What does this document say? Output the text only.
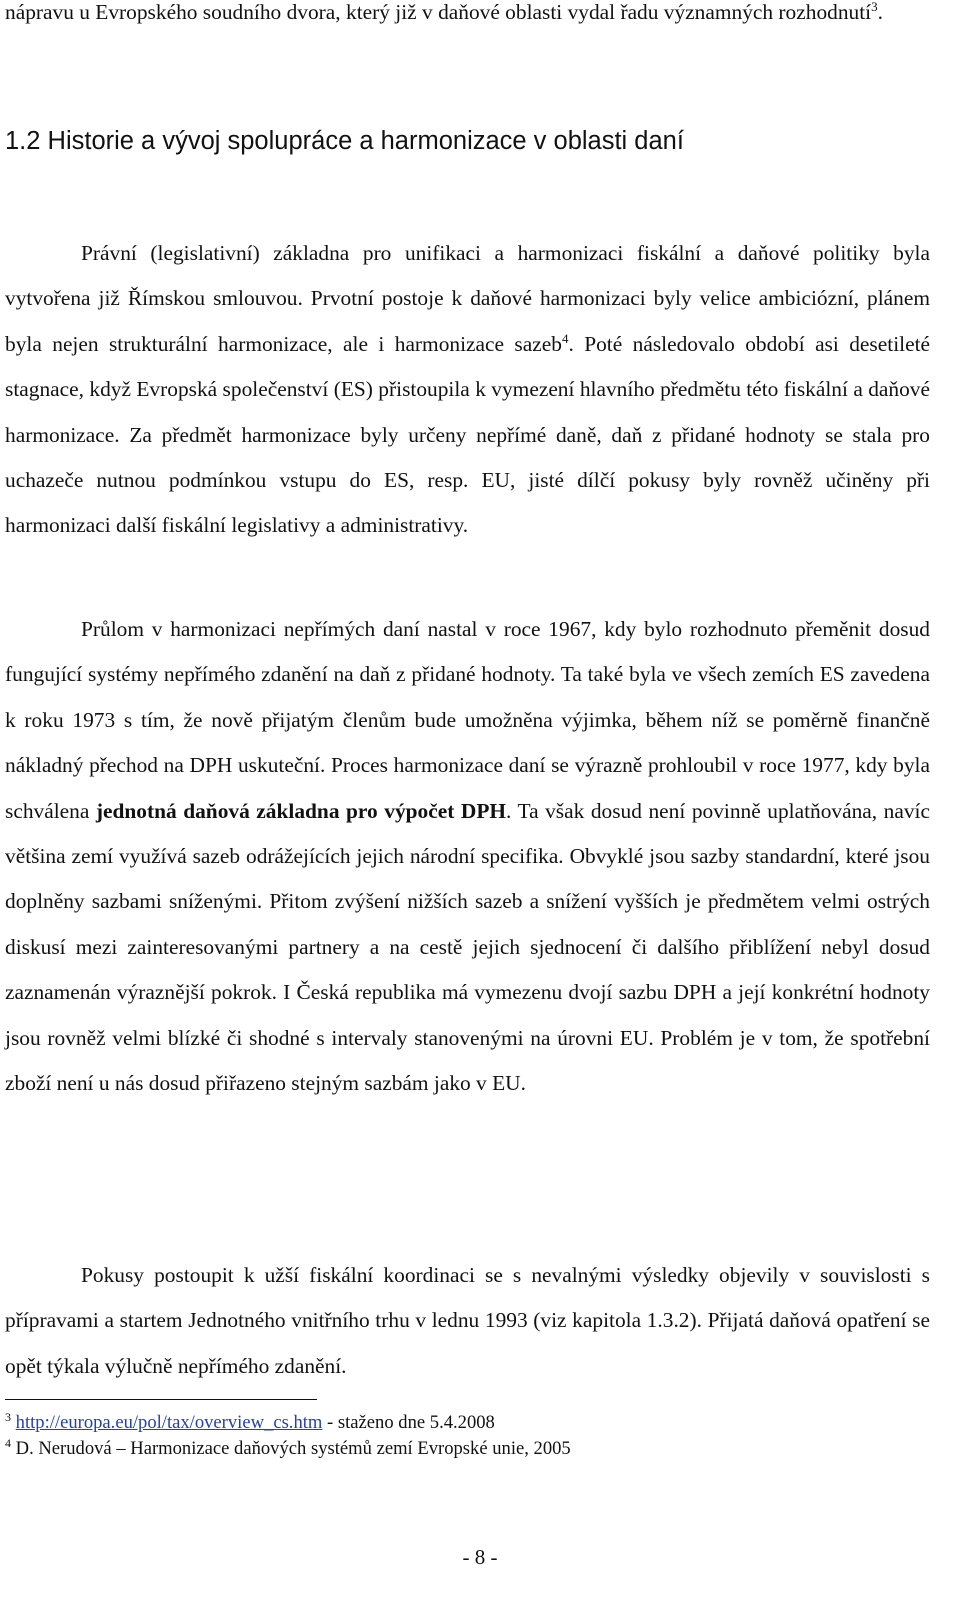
nápravu u Evropského soudního dvora, který již v daňové oblasti vydal řadu významných rozhodnutí$^3$.

Právní (legislativní) základna pro unifikaci a harmonizaci fiskální a daňové politiky byla vytvořena již Římskou smlouvou. Prvotní postoje k daňové harmonizaci byly velice ambiciózní, plánem byla nejen strukturální harmonizace, ale i harmonizace sazeb$^4$. Poté následovalo období asi desetileté stagnace, když Evropská společenství (ES) přistoupila k vymezení hlavního předmětu této fiskální a daňové harmonizace. Za předmět harmonizace byly určeny nepřímé daně, daň z přidané hodnoty se stala pro uchazeče nutnou podmínkou vstupu do ES, resp. EU, jisté dílčí pokusy byly rovněž učiněny při harmonizaci další fiskální legislativy a administrativy.

Průlom v harmonizaci nepřímých daní nastal v roce 1967, kdy bylo rozhodnuto přeměnit dosud fungující systémy nepřímého zdanění na daň z přidané hodnoty. Ta také byla ve všech zemích ES zavedena k roku 1973 s tím, že nově přijatým členům bude umožněna výjimka, během níž se poměrně finančně nákladný přechod na DPH uskuteční. Proces harmonizace daní se výrazně prohloubil v roce 1977, kdy byla schválena jednotná daňová základna pro výpočet DPH. Ta však dosud není povinně uplatňována, navíc většina zemí využívá sazeb odrážejících jejich národní specifika. Obvyklé jsou sazby standardní, které jsou doplněny sazbami sníženými. Přitom zvýšení nižších sazeb a snížení vyšších je předmětem velmi ostrých diskusí mezi zainteresovanými partnery a na cestě jejich sjednocení či dalšího přiblížení nebyl dosud zaznamenán výraznější pokrok. I Česká republika má vymezenu dvojí sazbu DPH a její konkrétní hodnoty jsou rovněž velmi blízké či shodné s intervaly stanovenými na úrovni EU. Problém je v tom, že spotřební zboží není u nás dosud přiřazeno stejným sazbám jako v EU.

Pokusy postoupit k užší fiskální koordinaci se s nevalnými výsledky objevily v souvislosti s přípravami a startem Jednotného vnitřního trhu v lednu 1993 (viz kapitola 1.3.2). Přijatá daňová opatření se opět týkala výlučně nepřímého zdanění.

1.2 Historie a vývoj spolupráce a harmonizace v oblasti daní
$^3$ http://europa.eu/pol/tax/overview_cs.htm - staženo dne 5.4.2008
$^4$ D. Nerudová – Harmonizace daňových systémů zemí Evropské unie, 2005
- 8 -
